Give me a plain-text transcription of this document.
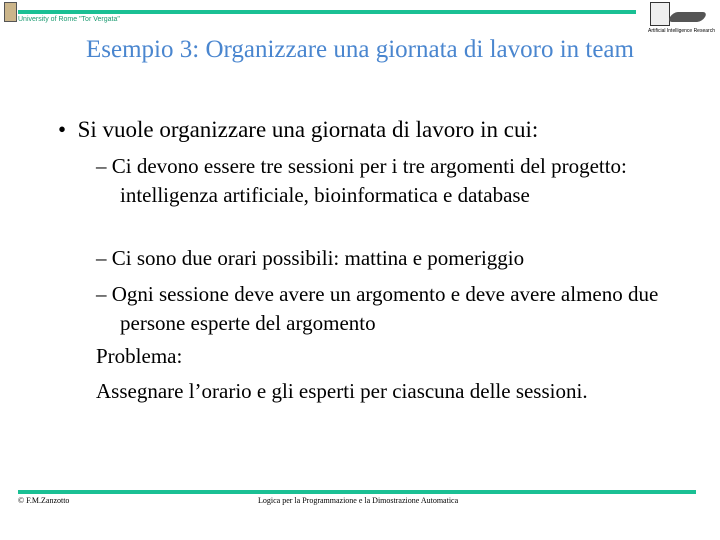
University of Rome "Tor Vergata"
Artificial Intelligence Research
Esempio 3: Organizzare una giornata di lavoro in team
•  Si vuole organizzare una giornata di lavoro in cui:
– Ci devono essere tre sessioni per i tre argomenti del progetto: intelligenza artificiale, bioinformatica e database
– Ci sono due orari possibili: mattina e pomeriggio
– Ogni sessione deve avere un argomento e deve avere almeno due persone esperte del argomento
Problema:
Assegnare l’orario e gli esperti per ciascuna delle sessioni.
© F.M.Zanzotto	Logica per la Programmazione e la Dimostrazione Automatica
